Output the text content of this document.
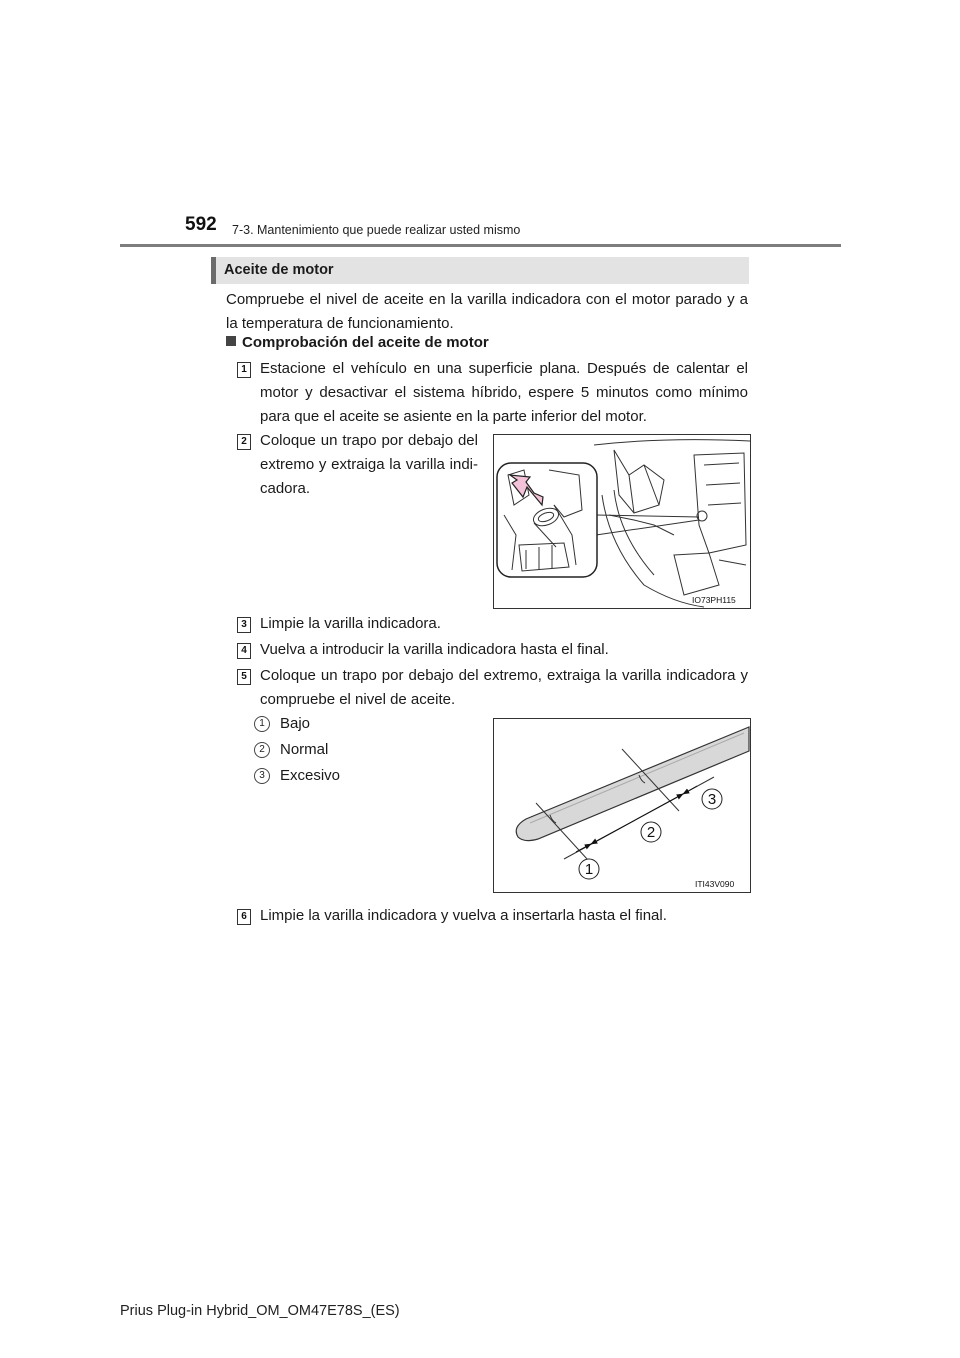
592 7-3. Mantenimiento que puede realizar usted mismo
Aceite de motor
Compruebe el nivel de aceite en la varilla indicadora con el motor parado y a la temperatura de funcionamiento.
Comprobación del aceite de motor
1 Estacione el vehículo en una superficie plana. Después de calentar el motor y desactivar el sistema híbrido, espere 5 minutos como mínimo para que el aceite se asiente en la parte inferior del motor.
2 Coloque un trapo por debajo del extremo y extraiga la varilla indi-cadora.
IO73PH115
3 Limpie la varilla indicadora.
4 Vuelva a introducir la varilla indicadora hasta el final.
5 Coloque un trapo por debajo del extremo, extraiga la varilla indicadora y compruebe el nivel de aceite.
1	Bajo
2	Normal
3	Excesivo
1
2
3
ITI43V090
6 Limpie la varilla indicadora y vuelva a insertarla hasta el final.
Prius Plug-in Hybrid_OM_OM47E78S_(ES)
